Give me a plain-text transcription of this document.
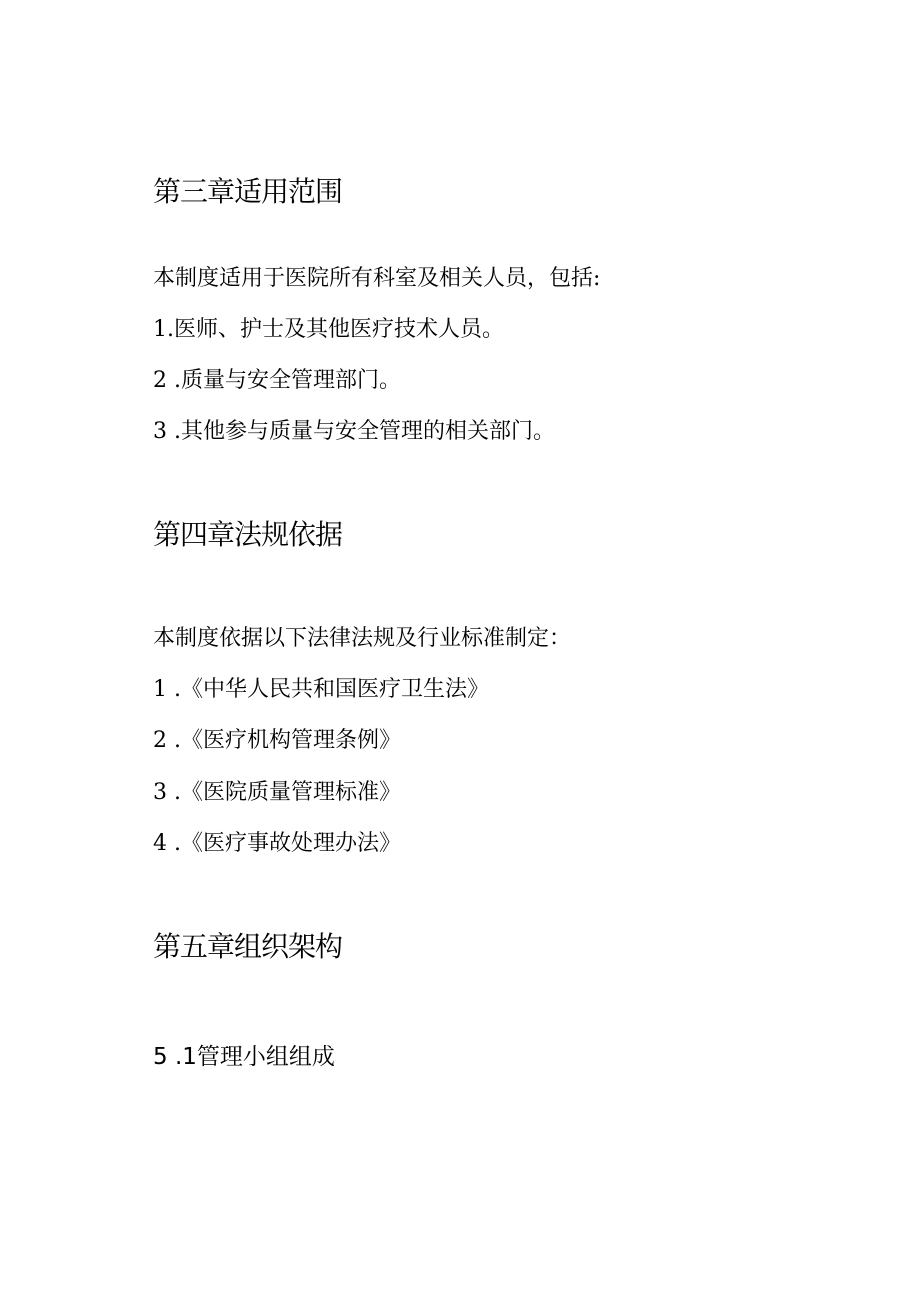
第三章适用范围
本制度适用于医院所有科室及相关人员，包括:
1.医师、护士及其他医疗技术人员。
2 .质量与安全管理部门。
3 .其他参与质量与安全管理的相关部门。
第四章法规依据
本制度依据以下法律法规及行业标准制定：
1 .《中华人民共和国医疗卫生法》
2 .《医疗机构管理条例》
3 .《医院质量管理标准》
4 .《医疗事故处理办法》
第五章组织架构
5 .1管理小组组成
